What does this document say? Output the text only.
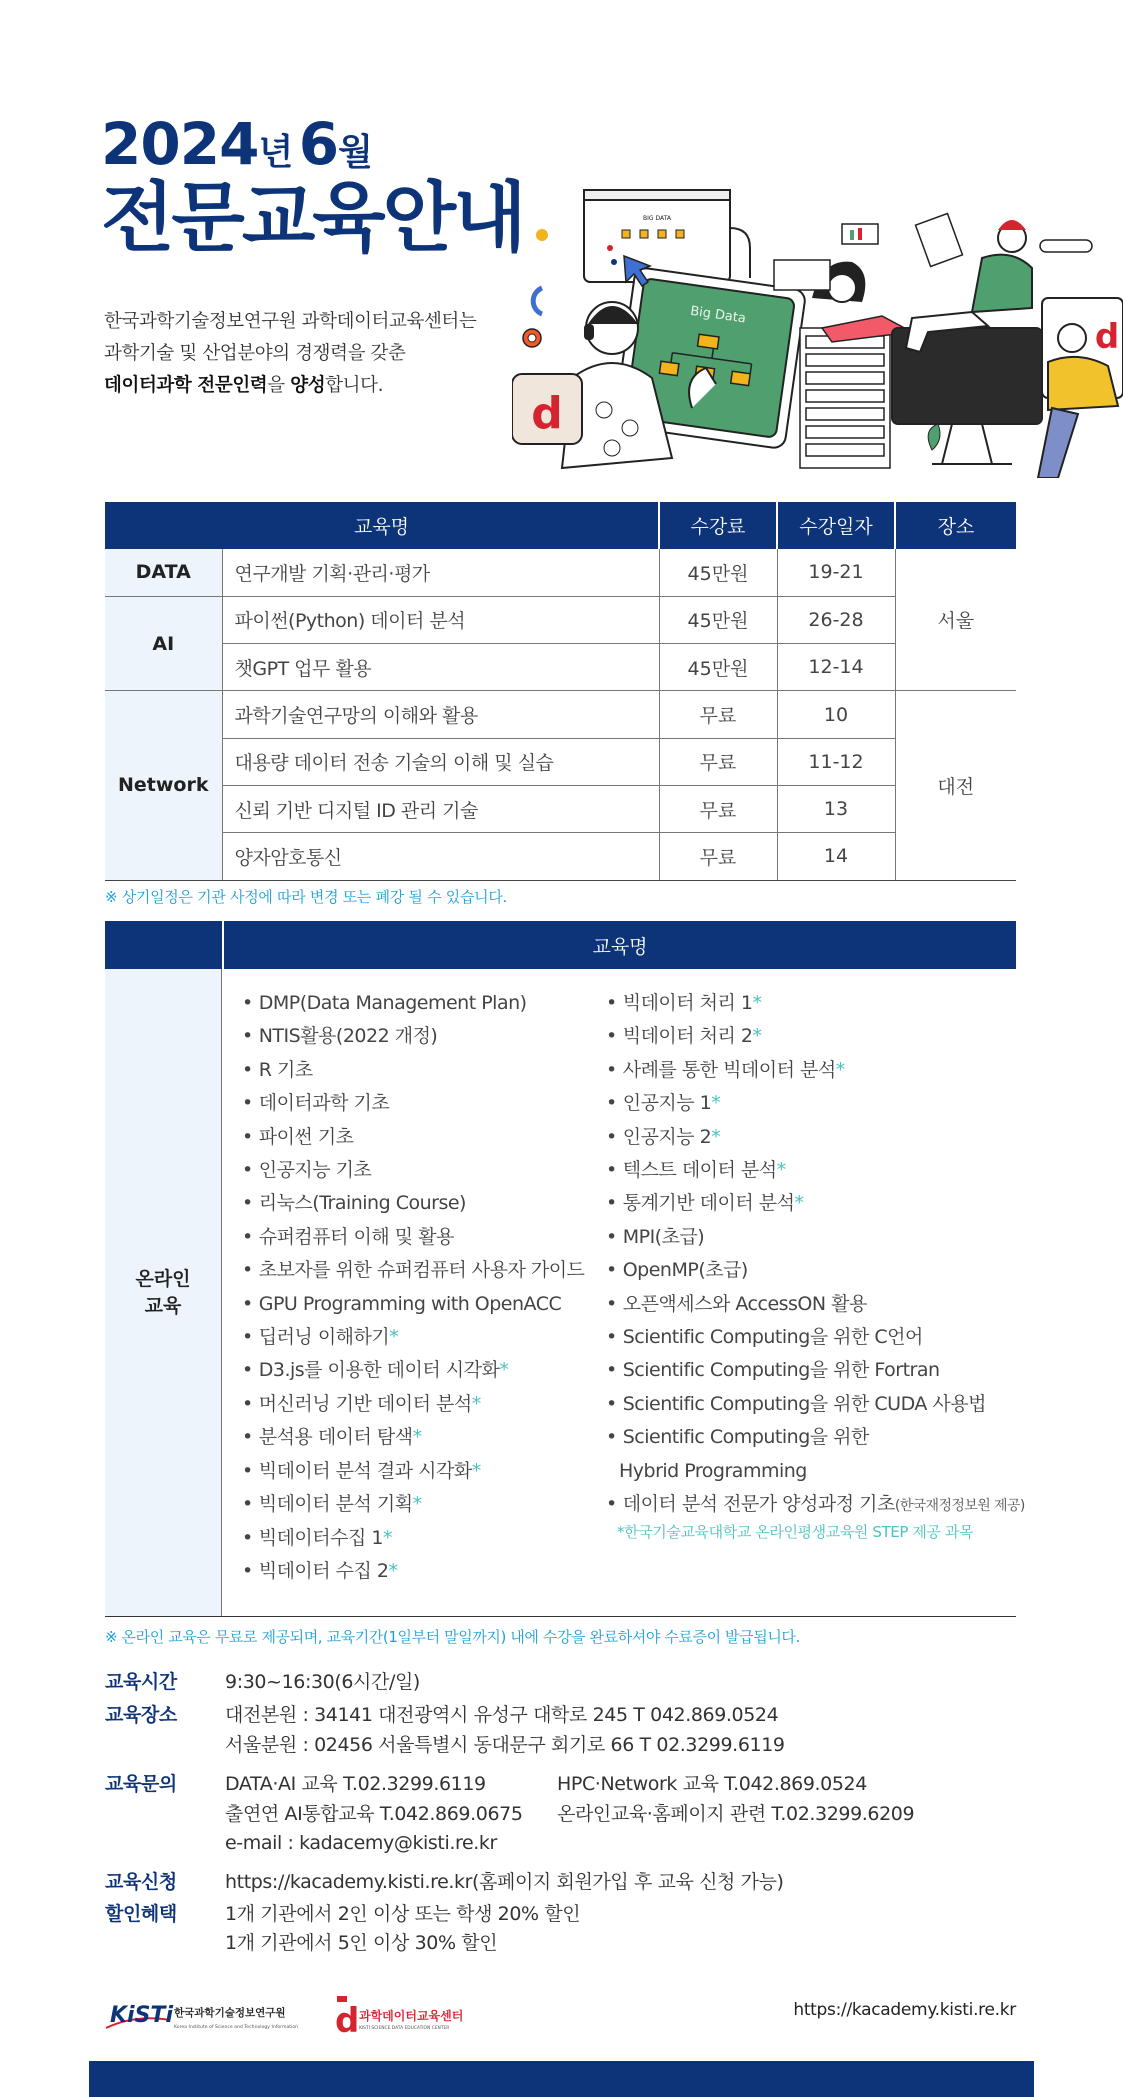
2024년 6월
전문교육안내

한국과학기술정보연구원 과학데이터교육센터는

과학기술 및 산업분야의 경쟁력을 갖춘

데이터과학 전문인력을 양성합니다.

BIG DATA
Big Data
d
d
교육명		수강료	수강일자	장소
DATA	연구개발 기획·관리·평가	45만원	19-21	서울
AI	파이썬(Python) 데이터 분석	45만원	26-28	
	챗GPT 업무 활용	45만원	12-14	
Network	과학기술연구망의 이해와 활용	무료	10	대전
	대용량 데이터 전송 기술의 이해 및 실습	무료	11-12	
	신뢰 기반 디지털 ID 관리 기술	무료	13	
	양자암호통신	무료	14	
※ 상기일정은 기관 사정에 따라 변경 또는 폐강 될 수 있습니다.
교육명
온라인
교육
• DMP(Data Management Plan)
• NTIS활용(2022 개정)
• R 기초
• 데이터과학 기초
• 파이썬 기초
• 인공지능 기초
• 리눅스(Training Course)
• 슈퍼컴퓨터 이해 및 활용
• 초보자를 위한 슈퍼컴퓨터 사용자 가이드
• GPU Programming with OpenACC
• 딥러닝 이해하기*
• D3.js를 이용한 데이터 시각화*
• 머신러닝 기반 데이터 분석*
• 분석용 데이터 탐색*
• 빅데이터 분석 결과 시각화*
• 빅데이터 분석 기획*
• 빅데이터수집 1*
• 빅데이터 수집 2*
• 빅데이터 처리 1*
• 빅데이터 처리 2*
• 사례를 통한 빅데이터 분석*
• 인공지능 1*
• 인공지능 2*
• 텍스트 데이터 분석*
• 통계기반 데이터 분석*
• MPI(초급)
• OpenMP(초급)
• 오픈액세스와 AccessON 활용
• Scientific Computing을 위한 C언어
• Scientific Computing을 위한 Fortran
• Scientific Computing을 위한 CUDA 사용법
• Scientific Computing을 위한
Hybrid Programming
• 데이터 분석 전문가 양성과정 기초(한국재정정보원 제공)
*한국기술교육대학교 온라인평생교육원 STEP 제공 과목
※ 온라인 교육은 무료로 제공되며, 교육기간(1일부터 말일까지) 내에 수강을 완료하셔야 수료증이 발급됩니다.
교육시간	9:30~16:30(6시간/일)

교육장소	대전본원 : 34141 대전광역시 유성구 대학로 245 T 042.869.0524

서울분원 : 02456 서울특별시 동대문구 회기로 66 T 02.3299.6119

교육문의	DATA·AI 교육 T.02.3299.6119	HPC·Network 교육 T.042.869.0524

출연연 AI통합교육 T.042.869.0675	온라인교육·홈페이지 관련 T.02.3299.6209

e-mail : kadacemy@kisti.re.kr

교육신청	https://kacademy.kisti.re.kr(홈페이지 회원가입 후 교육 신청 가능)

할인혜택	1개 기관에서 2인 이상 또는 학생 20% 할인

1개 기관에서 5인 이상 30% 할인

KiSTi 한국과학기술정보연구원
Korea Institute of Science and Technology Information d 과학데이터교육센터
KISTI SCIENCE DATA EDUCATION CENTER
https://kacademy.kisti.re.kr
